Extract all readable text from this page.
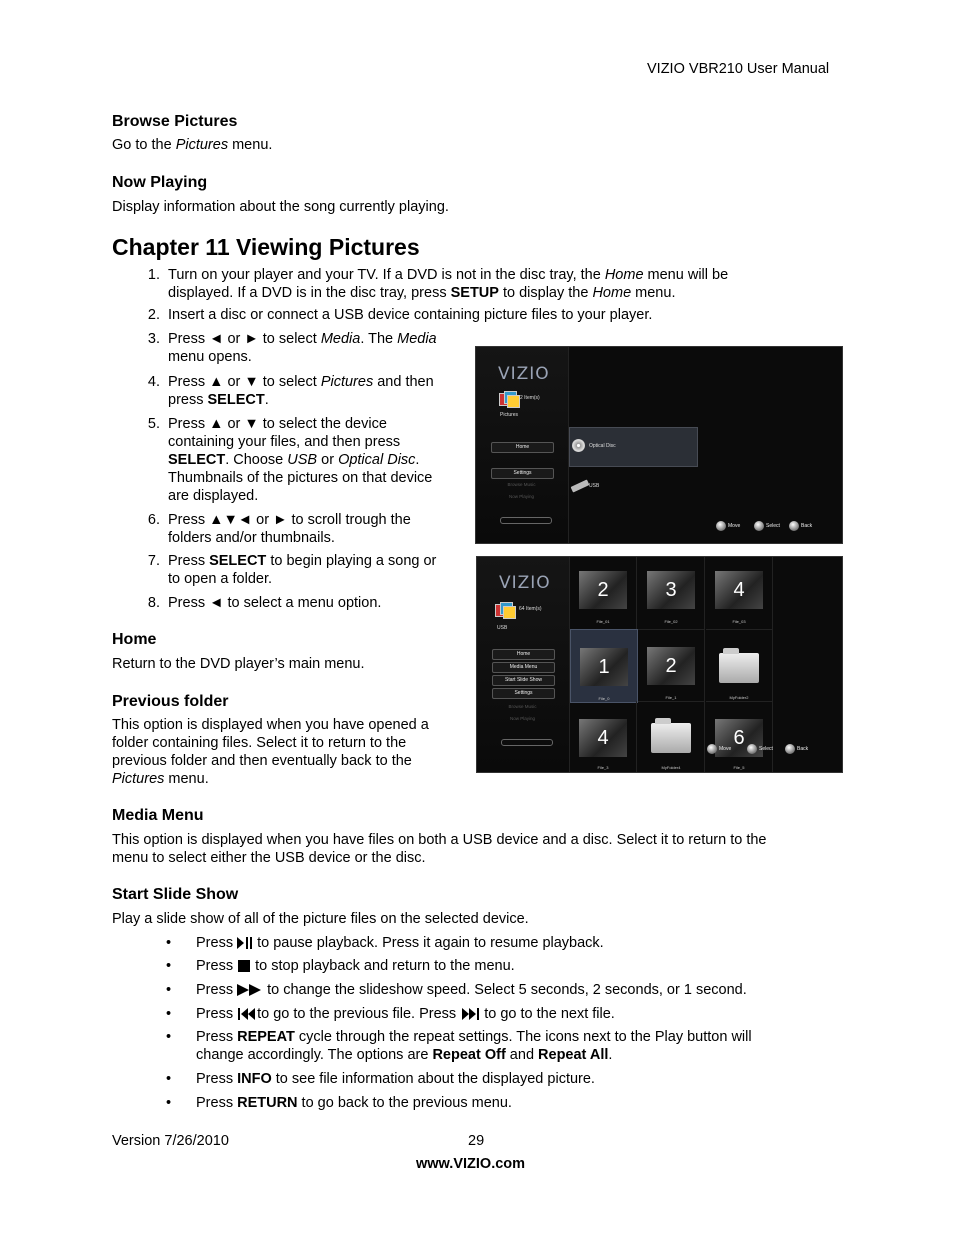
VIZIO VBR210 User Manual
Browse Pictures
Go to the Pictures menu.
Now Playing
Display information about the song currently playing.
Chapter 11 Viewing Pictures
1. Turn on your player and your TV. If a DVD is not in the disc tray, the Home menu will be
displayed. If a DVD is in the disc tray, press SETUP to display the Home menu.
2. Insert a disc or connect a USB device containing picture files to your player.
3. Press ◄ or ► to select Media. The Media
menu opens.
4. Press ▲ or ▼ to select Pictures and then
press SELECT.
5. Press ▲ or ▼ to select the device
containing your files, and then press
SELECT. Choose USB or Optical Disc.
Thumbnails of the pictures on that device
are displayed.
6. Press ▲▼◄ or ► to scroll trough the
folders and/or thumbnails.
7. Press SELECT to begin playing a song or
to open a folder.
8. Press ◄ to select a menu option.
VIZIO
2 Item(s)
Pictures
Home
Settings
Browse Music
Now Playing
Optical Disc
USB
Move	Select	Back
VIZIO
64 Item(s)
USB
Home
Media Menu
Start Slide Show
Settings
Browse Music
Now Playing
2
File_01
3
File_02
4
File_03
1
File_0
2
File_1	MyFolder2
4
File_3	MyFolder4
6
File_5
Move	Select	Back
Home
Return to the DVD player’s main menu.
Previous folder
This option is displayed when you have opened a
folder containing files. Select it to return to the
previous folder and then eventually back to the
Pictures menu.
Media Menu
This option is displayed when you have files on both a USB device and a disc. Select it to return to the
menu to select either the USB device or the disc.
Start Slide Show
Play a slide show of all of the picture files on the selected device.
• Press  to pause playback. Press it again to resume playback.
• Press  to stop playback and return to the menu.
• Press  to change the slideshow speed. Select 5 seconds, 2 seconds, or 1 second.
• Press to go to the previous file. Press  to go to the next file.
• Press REPEAT cycle through the repeat settings. The icons next to the Play button will
change accordingly. The options are Repeat Off and Repeat All.
• Press INFO to see file information about the displayed picture.
• Press RETURN to go back to the previous menu.
Version 7/26/2010	29
www.VIZIO.com
